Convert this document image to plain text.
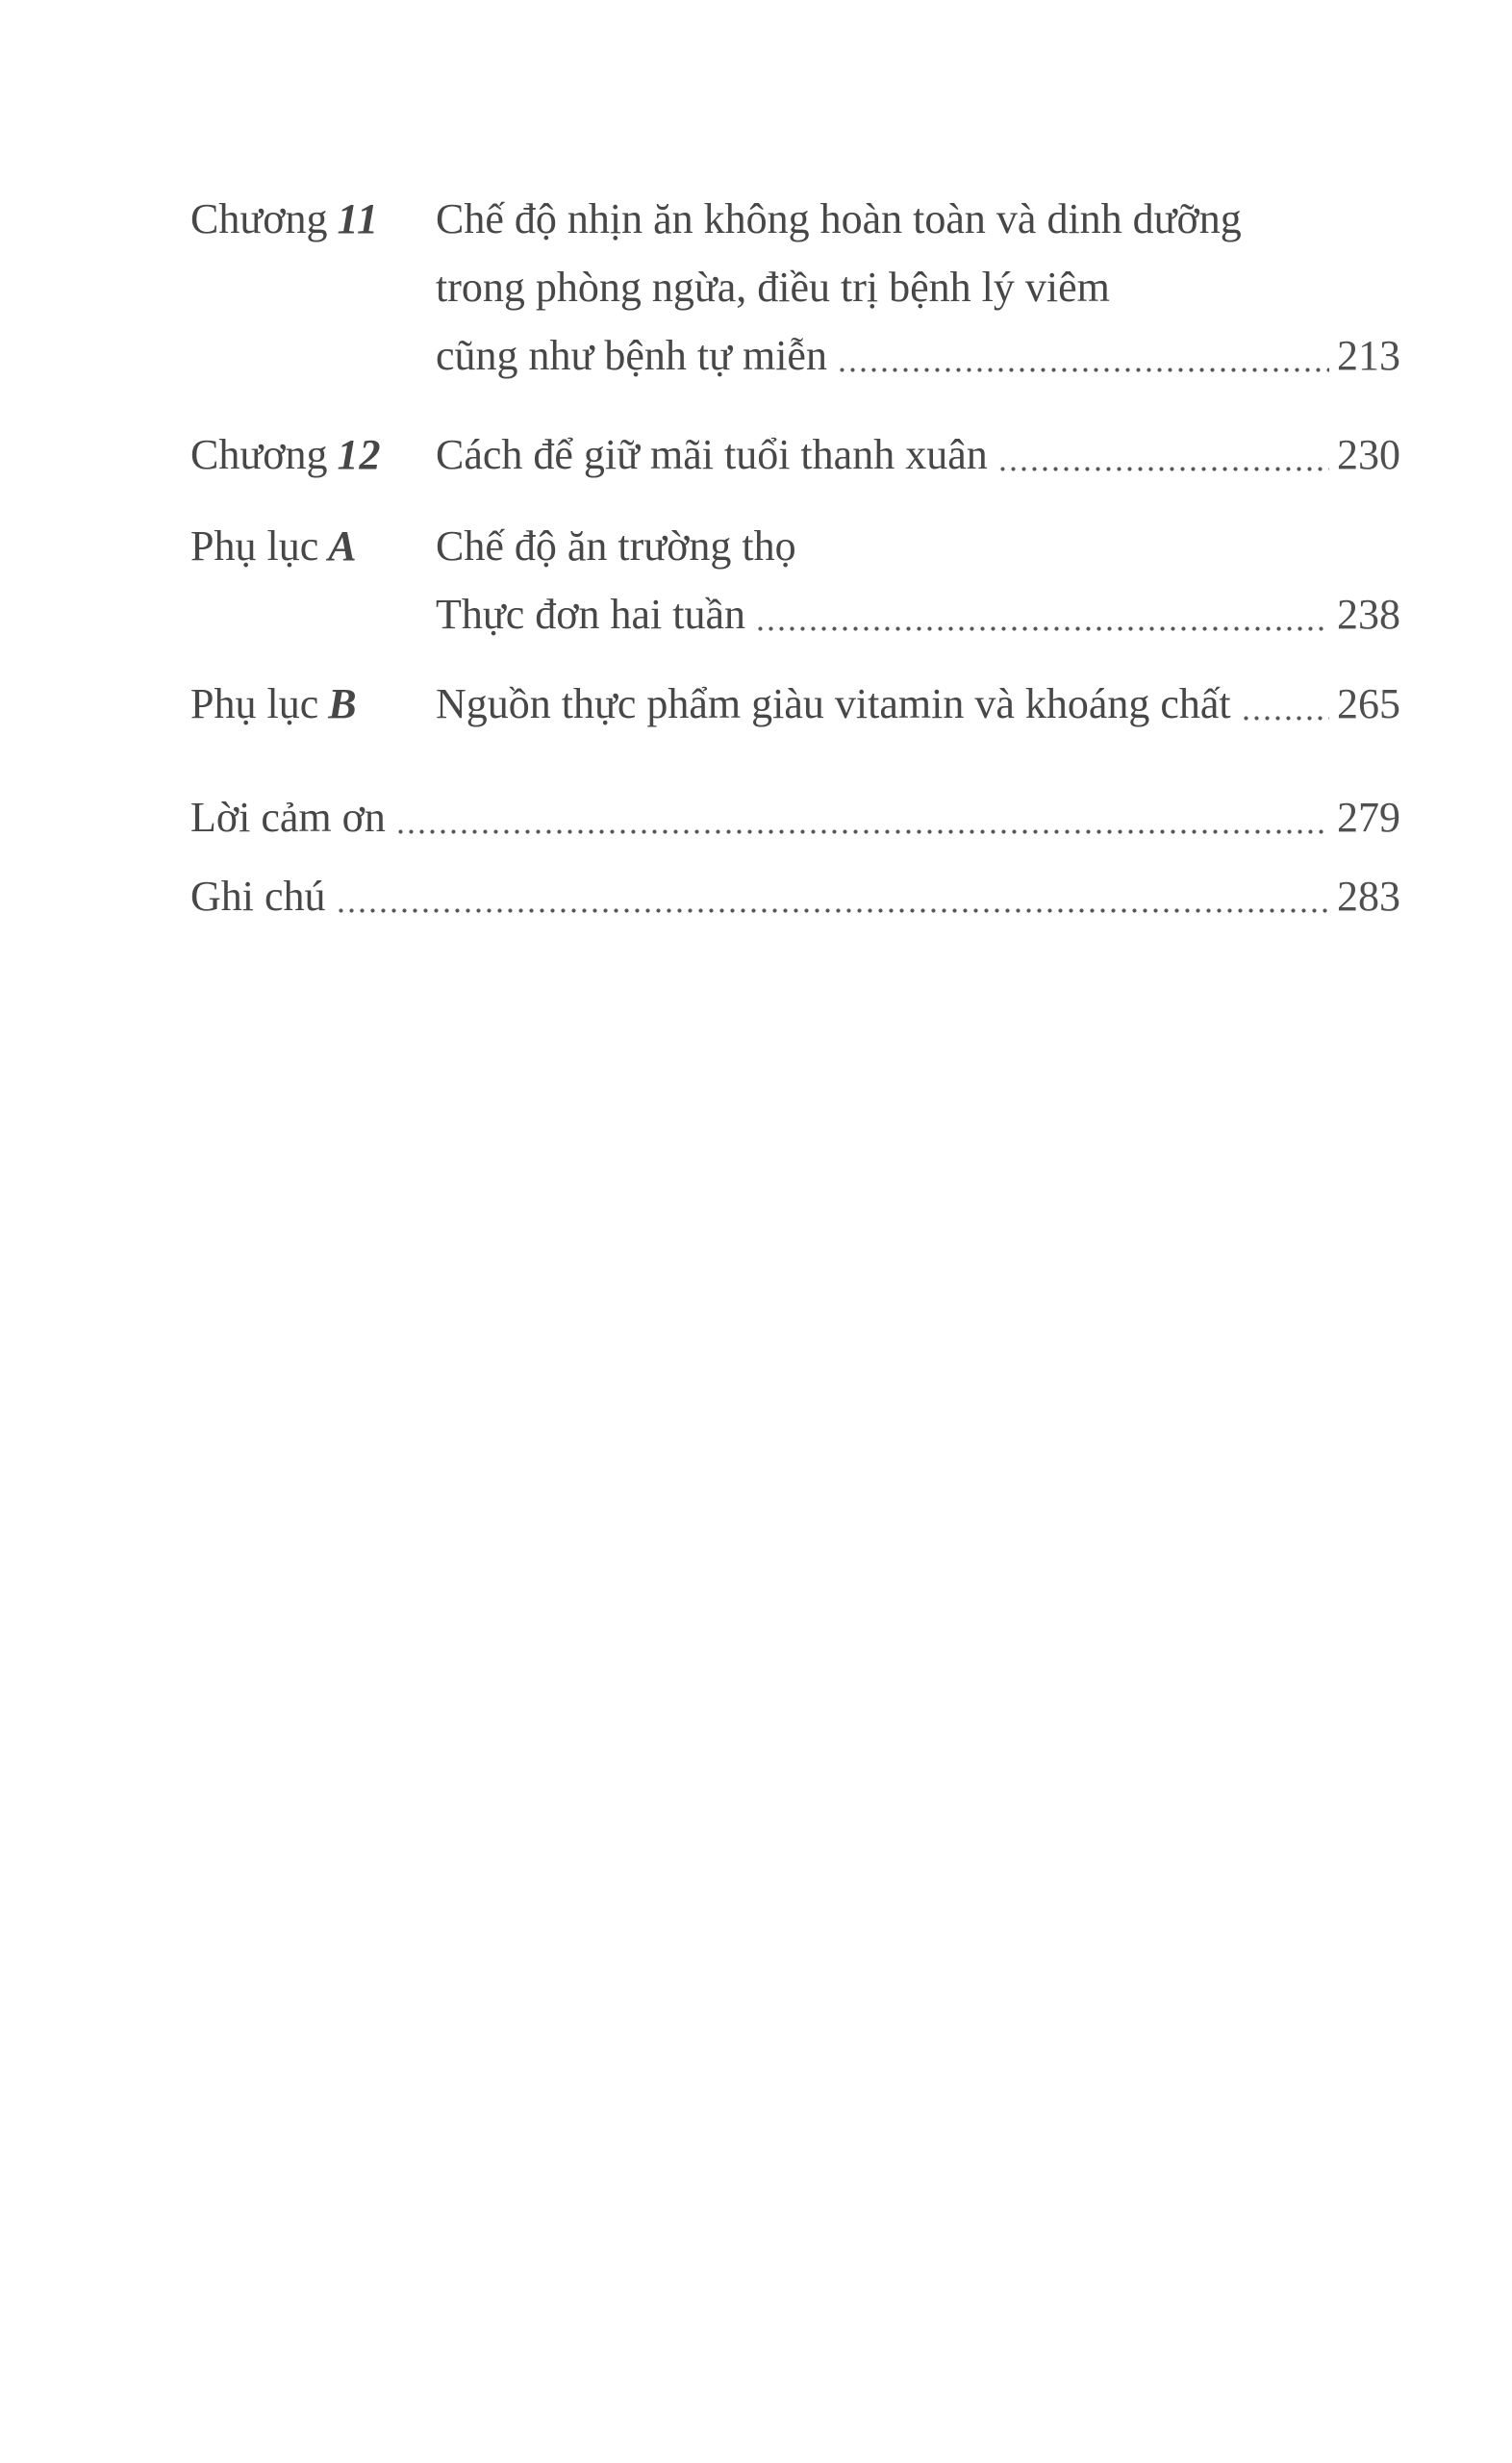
Chương 11	Chế độ nhịn ăn không hoàn toàn và dinh dưỡng
trong phòng ngừa, điều trị bệnh lý viêm
cũng như bệnh tự miễn	213
Chương 12	Cách để giữ mãi tuổi thanh xuân	230
Phụ lục A	Chế độ ăn trường thọ
Thực đơn hai tuần	238
Phụ lục B	Nguồn thực phẩm giàu vitamin và khoáng chất	265
Lời cảm ơn	279
Ghi chú	283
